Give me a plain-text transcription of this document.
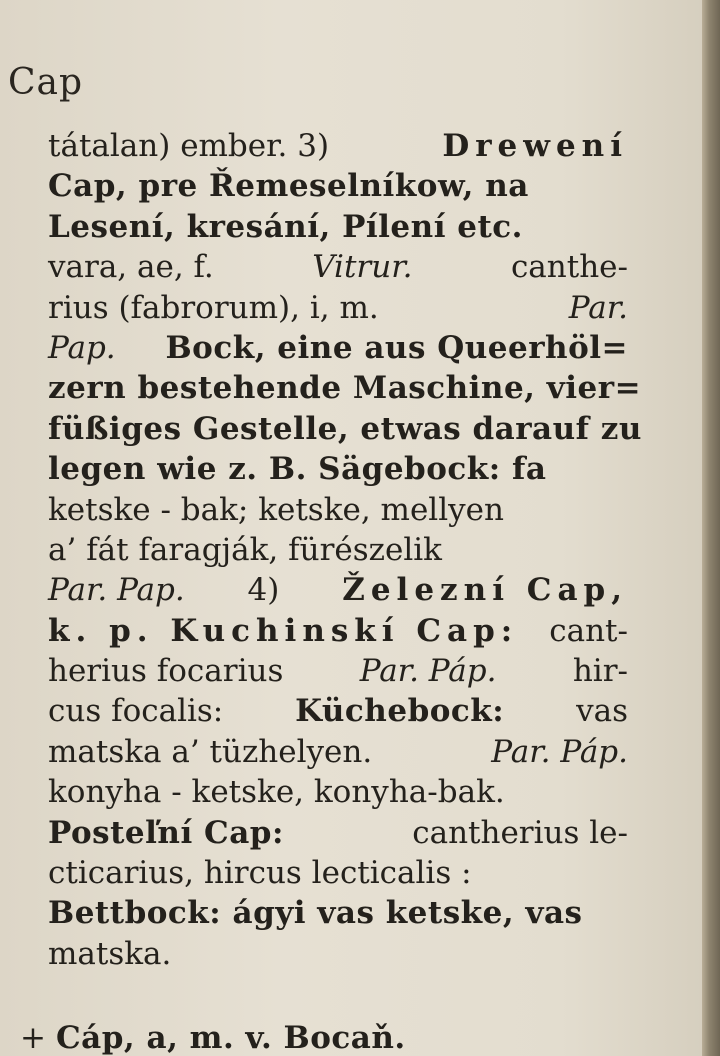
Cap
tátalan) ember. 3)	Drewení
Cap, pre Řemeselníkow, na
Lesení, kresání, Pílení etc.
vara, ae, f.	Vitrur.	canthe-
rius (fabrorum), i, m.	Par.
Pap. Bock, eine aus Queerhöl=
zern bestehende Maschine, vier=
füßiges Gestelle, etwas darauf zu
legen wie z. B. Sägebock: fa
ketske - bak; ketske, mellyen
a’ fát faragják, fürészelik
Par. Pap. 4) Železní Cap,
k. p. Kuchinskí Cap: cant-
herius focarius Par. Páp. hir-
cus focalis: Küchebock: vas
matska a’ tüzhelyen.	Par. Páp.
konyha - ketske, konyha-bak.
Posteľní Cap:	cantherius le-
cticarius, hircus lecticalis :
Bettbock: ágyi vas ketske, vas
matska.
+ Cáp, a, m. v. Bocaň.
